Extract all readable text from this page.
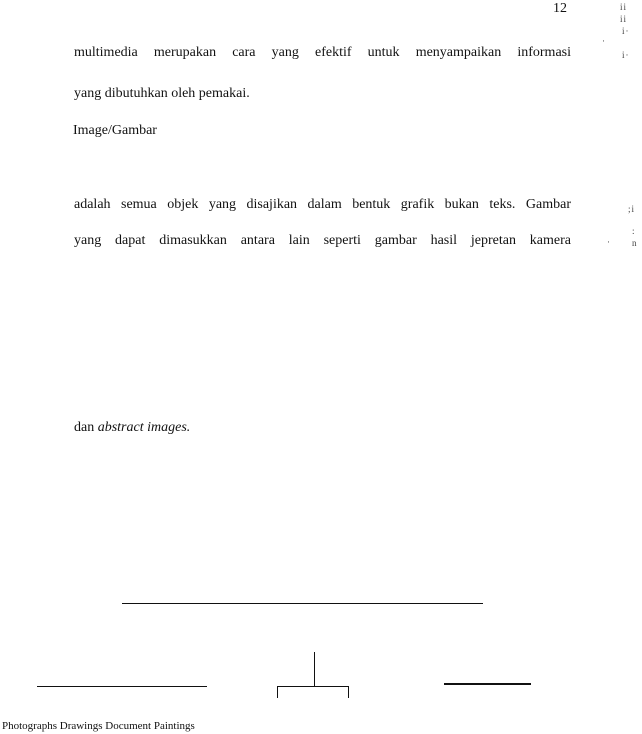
12	ii
ii
i·
·
i·
;i
:
· n
multimedia merupakan cara yang efektif untuk menyampaikan informasi
yang dibutuhkan oleh pemakai.
Image/Gambar
adalah semua objek yang disajikan dalam bentuk grafik bukan teks. Gambar
yang dapat dimasukkan antara lain seperti gambar hasil jepretan kamera
dan abstract images.
Photographs Drawings Document Paintings
